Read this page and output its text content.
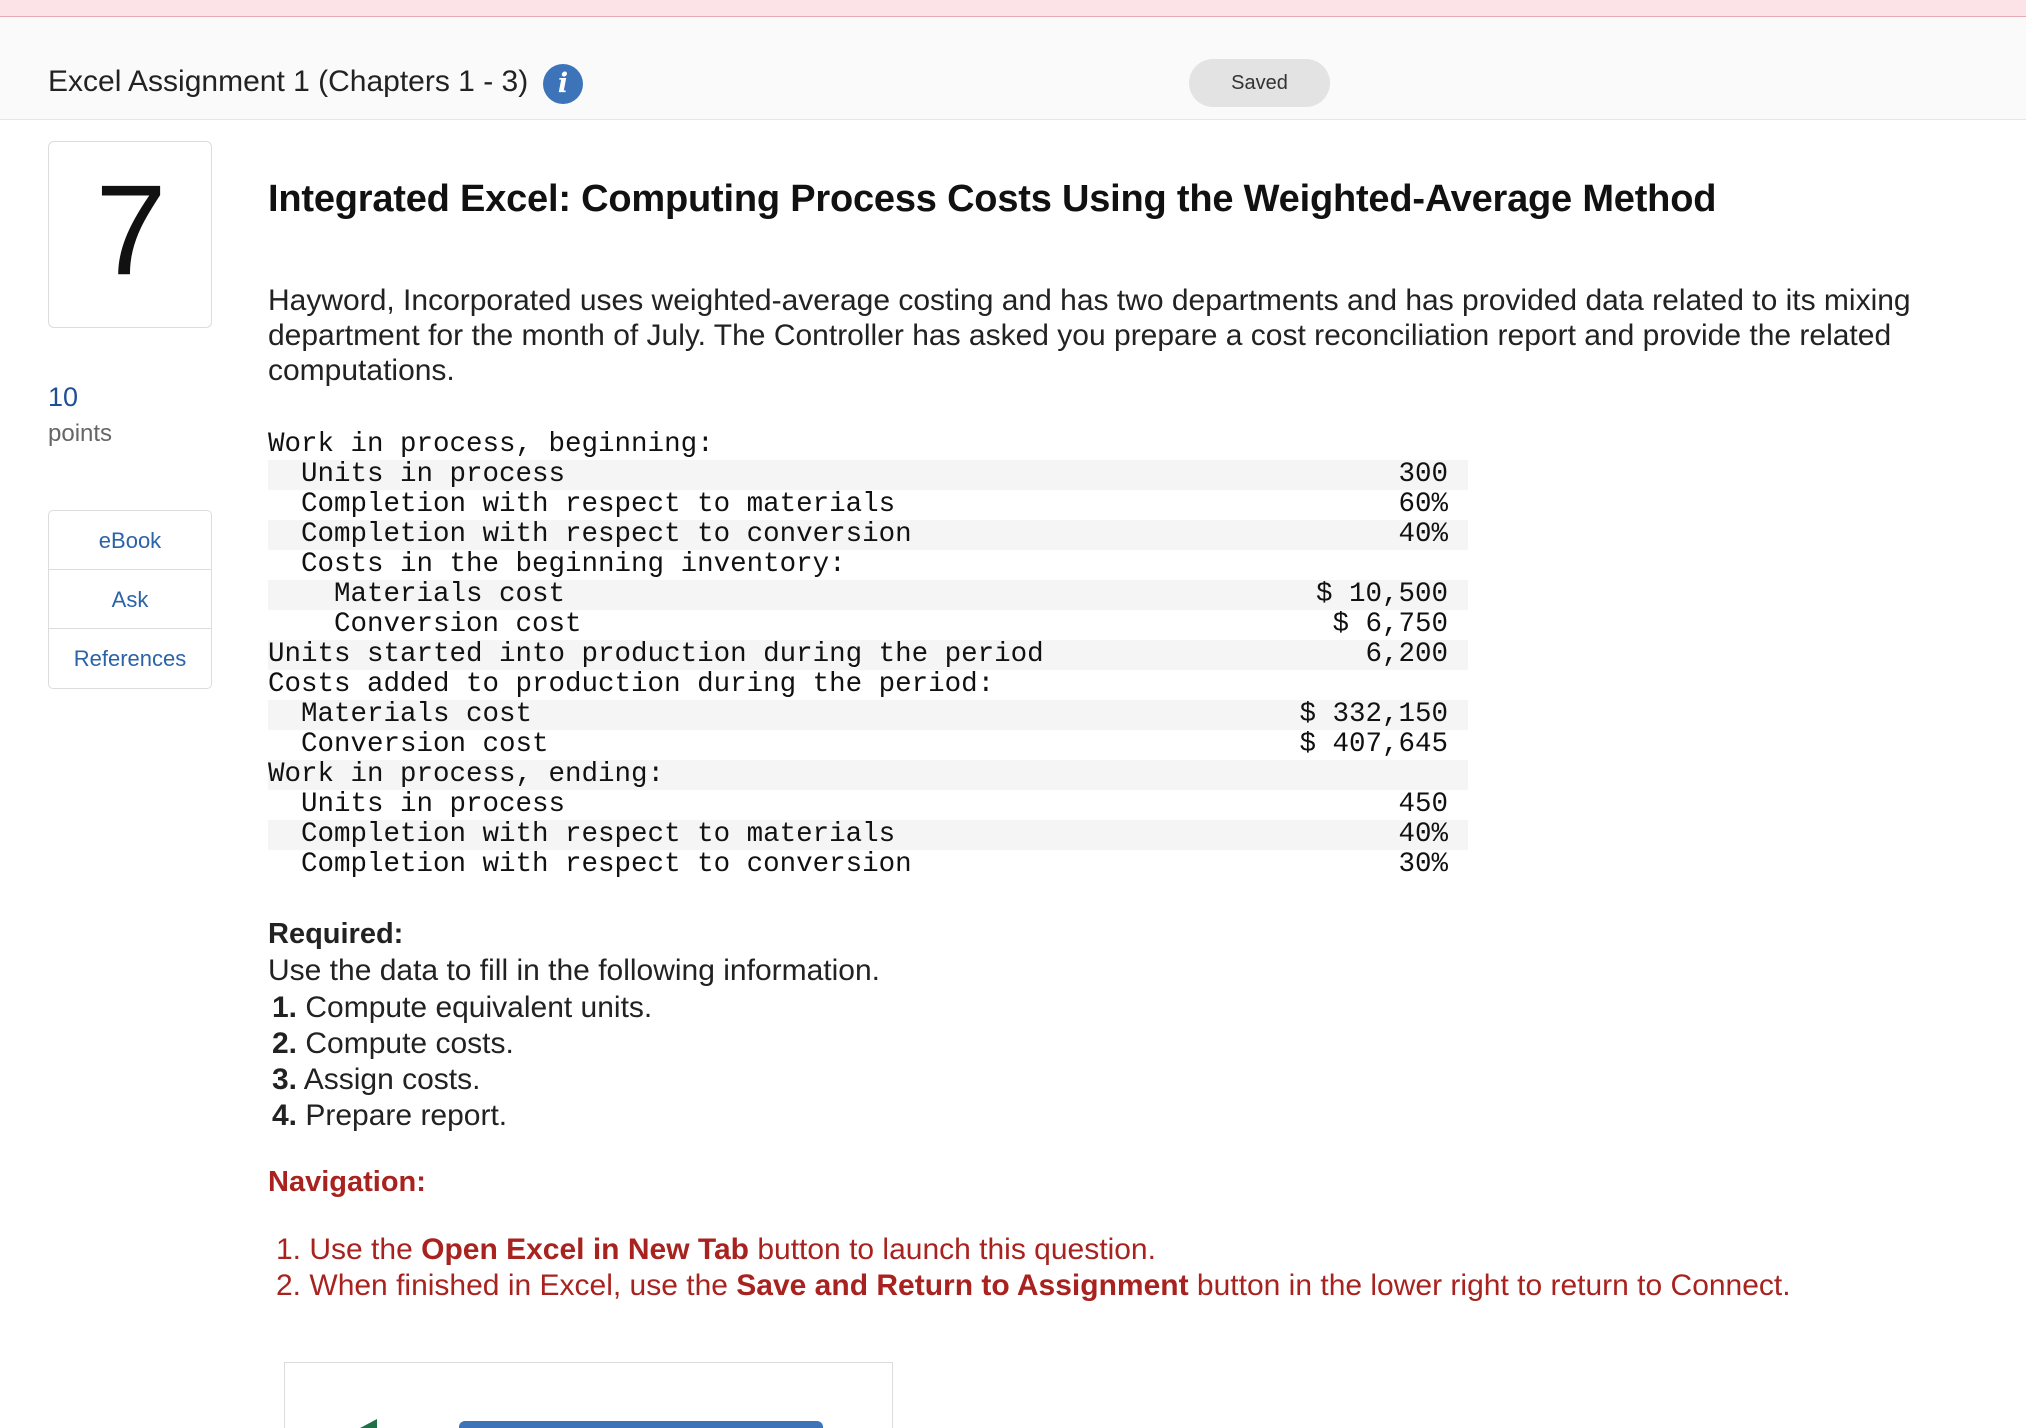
Excel Assignment 1 (Chapters 1 - 3)	i	Saved
7
10
points
eBook
Ask
References
Integrated Excel: Computing Process Costs Using the Weighted-Average Method
Hayword, Incorporated uses weighted-average costing and has two departments and has provided data related to its mixing department for the month of July. The Controller has asked you prepare a cost reconciliation report and provide the related computations.
Work in process, beginning:
Units in process	300
Completion with respect to materials	60%
Completion with respect to conversion	40%
Costs in the beginning inventory:
Materials cost	$ 10,500
Conversion cost	$ 6,750
Units started into production during the period	6,200
Costs added to production during the period:
Materials cost	$ 332,150
Conversion cost	$ 407,645
Work in process, ending:
Units in process	450
Completion with respect to materials	40%
Completion with respect to conversion	30%
Required:
Use the data to fill in the following information.
1. Compute equivalent units.
2. Compute costs.
3. Assign costs.
4. Prepare report.
Navigation:
1. Use the Open Excel in New Tab button to launch this question.
2. When finished in Excel, use the Save and Return to Assignment button in the lower right to return to Connect.
